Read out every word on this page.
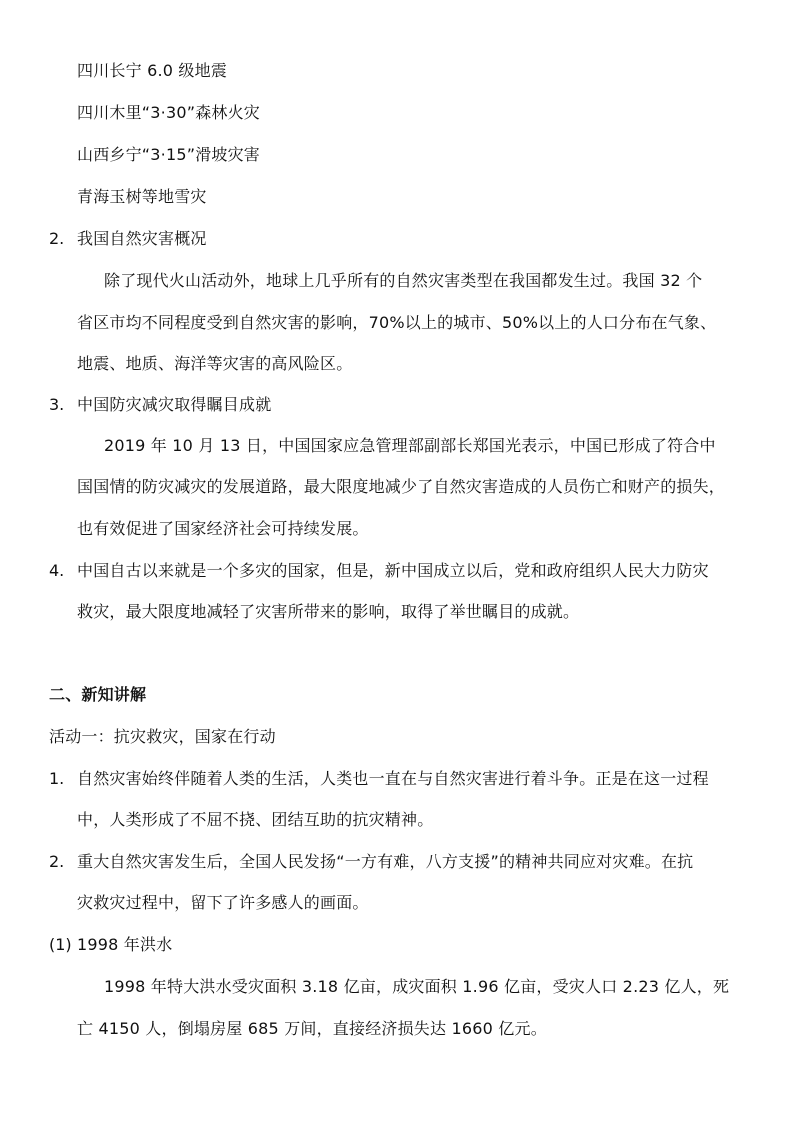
四川长宁 6.0 级地震
四川木里“3·30”森林火灾
山西乡宁“3·15”滑坡灾害
青海玉树等地雪灾
2. 我国自然灾害概况
除了现代火山活动外，地球上几乎所有的自然灾害类型在我国都发生过。我国 32 个
省区市均不同程度受到自然灾害的影响，70%以上的城市、50%以上的人口分布在气象、
地震、地质、海洋等灾害的高风险区。
3. 中国防灾减灾取得瞩目成就
2019 年 10 月 13 日，中国国家应急管理部副部长郑国光表示，中国已形成了符合中
国国情的防灾减灾的发展道路，最大限度地减少了自然灾害造成的人员伤亡和财产的损失，
也有效促进了国家经济社会可持续发展。
4. 中国自古以来就是一个多灾的国家，但是，新中国成立以后，党和政府组织人民大力防灾
救灾，最大限度地减轻了灾害所带来的影响，取得了举世瞩目的成就。
二、新知讲解
活动一：抗灾救灾，国家在行动
1. 自然灾害始终伴随着人类的生活，人类也一直在与自然灾害进行着斗争。正是在这一过程
中，人类形成了不屈不挠、团结互助的抗灾精神。
2. 重大自然灾害发生后，全国人民发扬“一方有难，八方支援”的精神共同应对灾难。在抗
灾救灾过程中，留下了许多感人的画面。
(1) 1998 年洪水
1998 年特大洪水受灾面积 3.18 亿亩，成灾面积 1.96 亿亩，受灾人口 2.23 亿人，死
亡 4150 人，倒塌房屋 685 万间，直接经济损失达 1660 亿元。
